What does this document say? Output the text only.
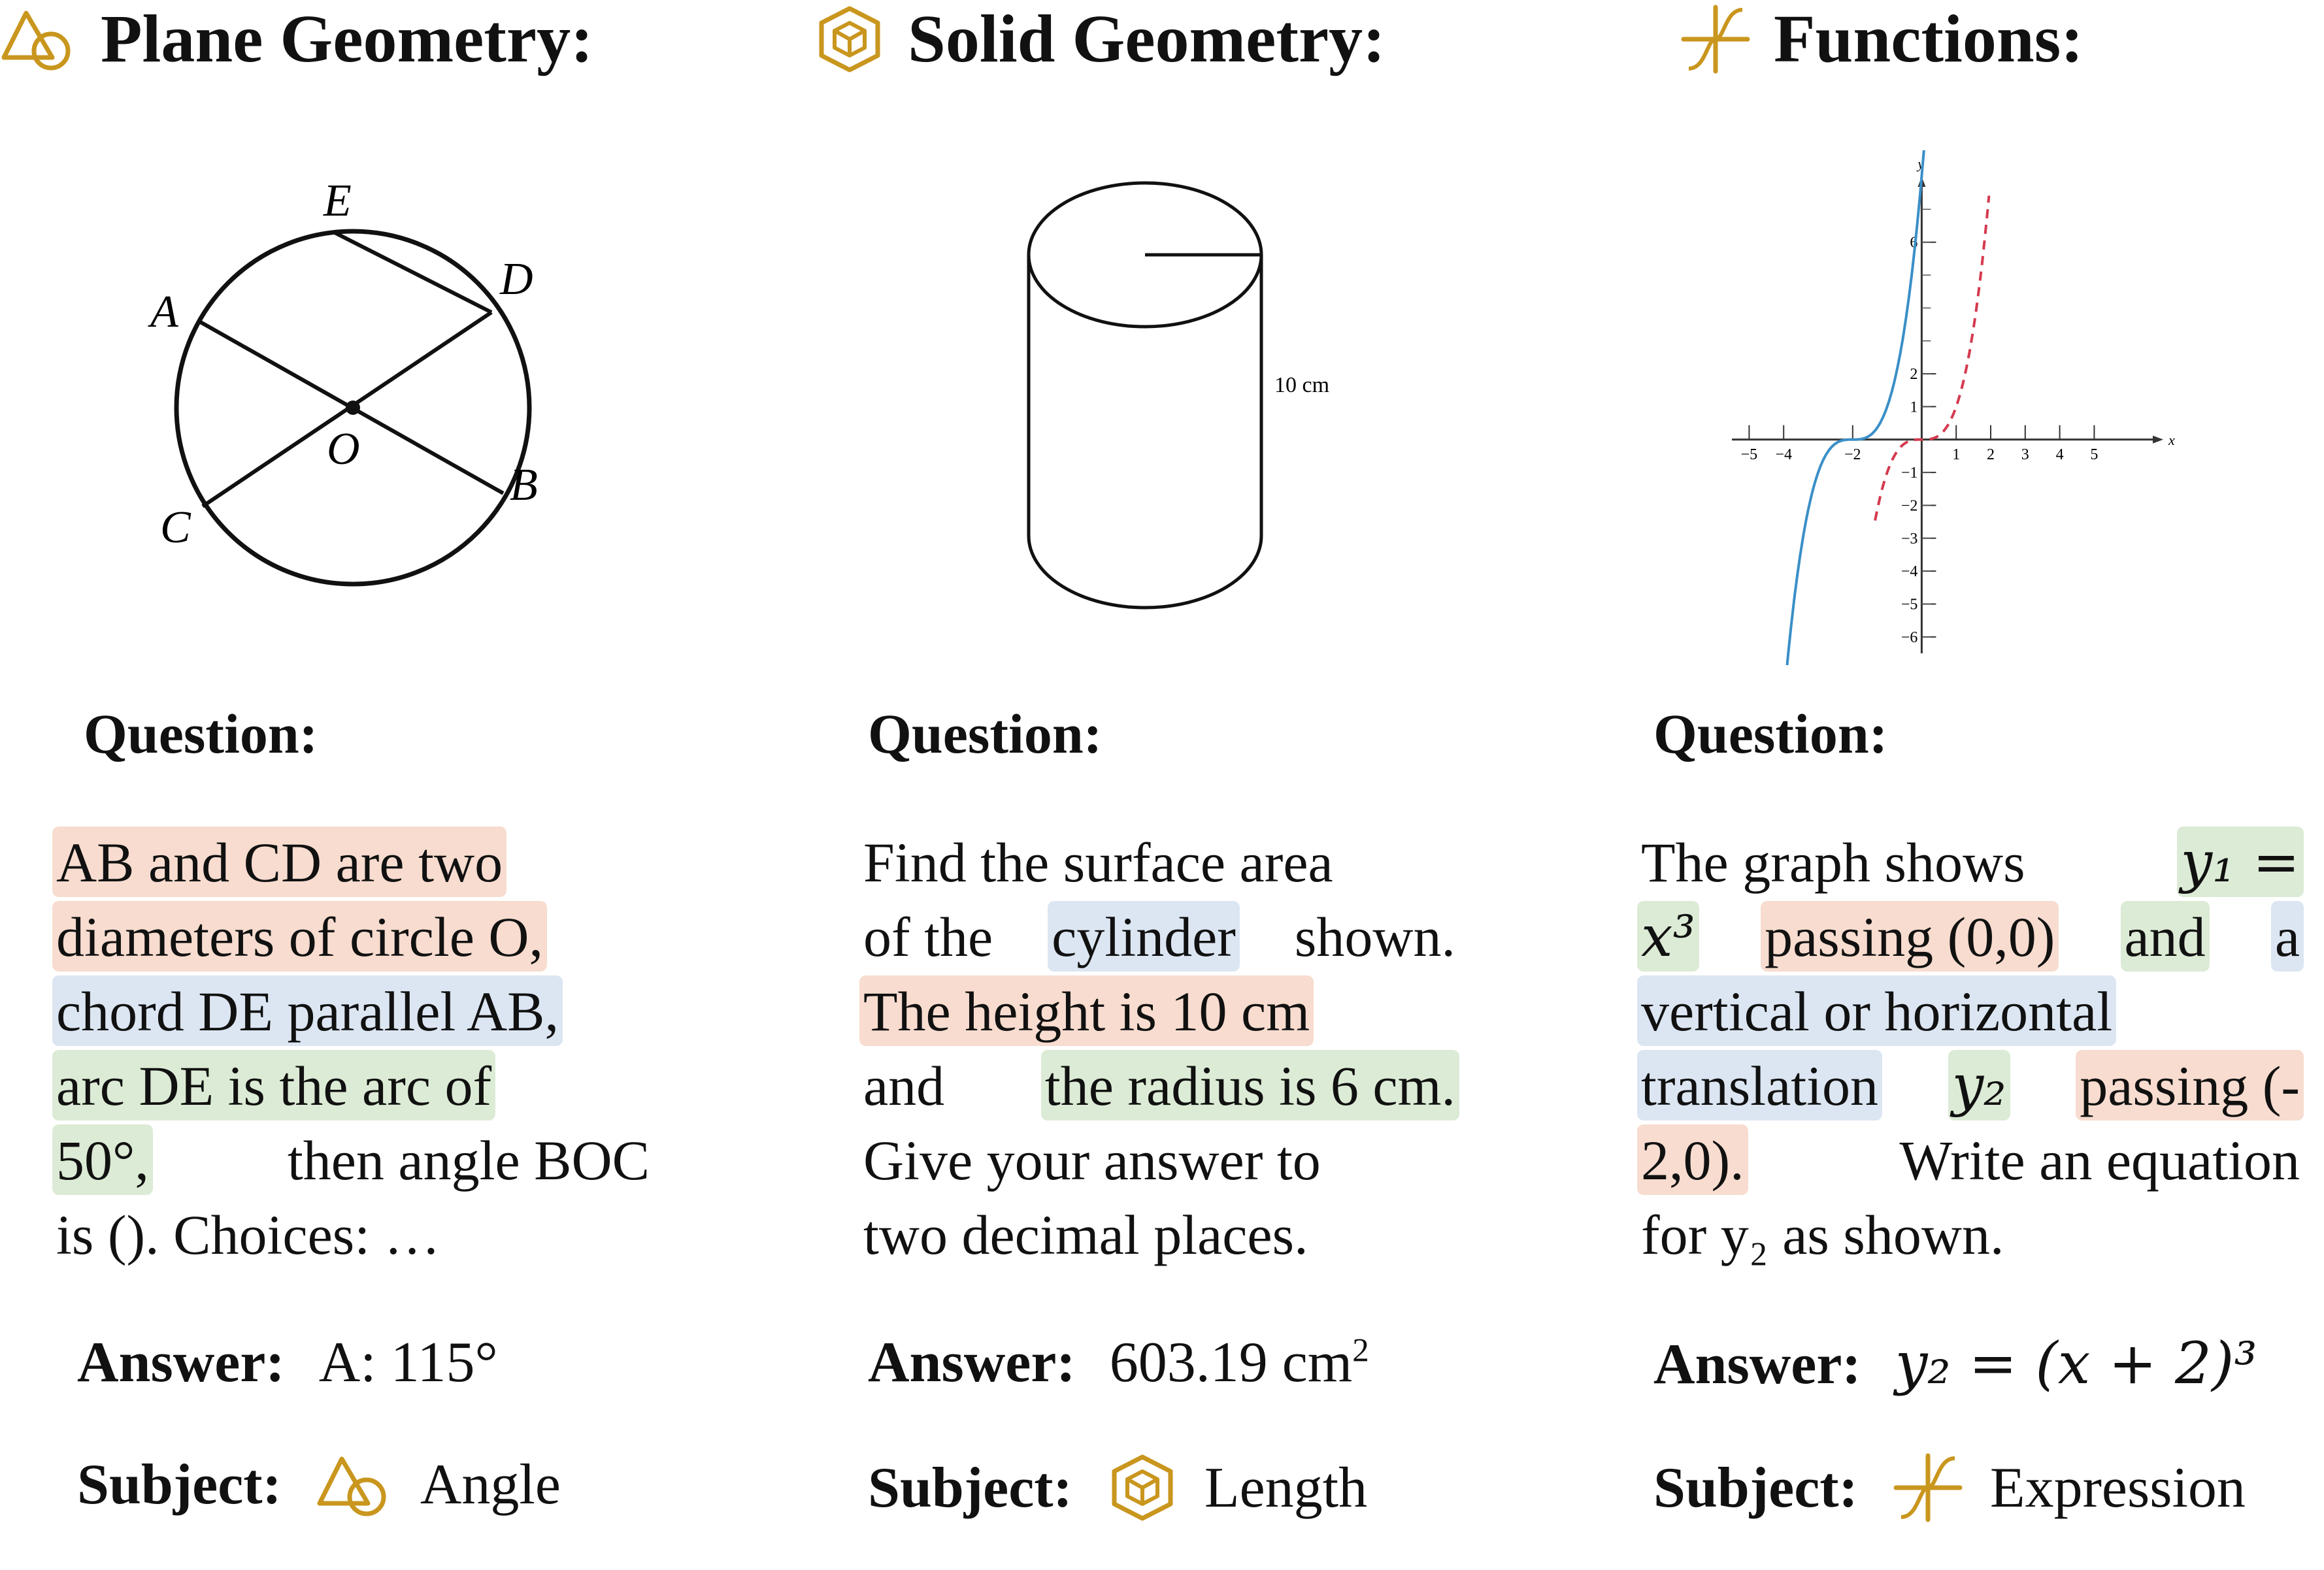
Plane Geometry:
A
B
C
D
E
O
Question:
AB and CD are two
diameters of circle O,
chord DE parallel AB,
arc DE is the arc of
50°, then angle BOC
is (). Choices: …
Answer: A: 115°
Subject: Angle
Solid Geometry:
10 cm
Question:
Find the surface area
of the cylinder shown.
The height is 10 cm
and the radius is 6 cm.
Give your answer to
two decimal places.
Answer: 603.19 $cm^2$
Subject: Length
Functions:
x
y
−5 −4	−2	1 2 3 4 5
6
2
1
−1
−2
−3
−4
−5
−6
Question:
The graph shows	y₁ =
x³ passing (0,0) and a
vertical or horizontal
translation y₂ passing (-
2,0).	Write an equation
for y₂ as shown.
Answer: y₂ = (x + 2)³
Subject: Expression
